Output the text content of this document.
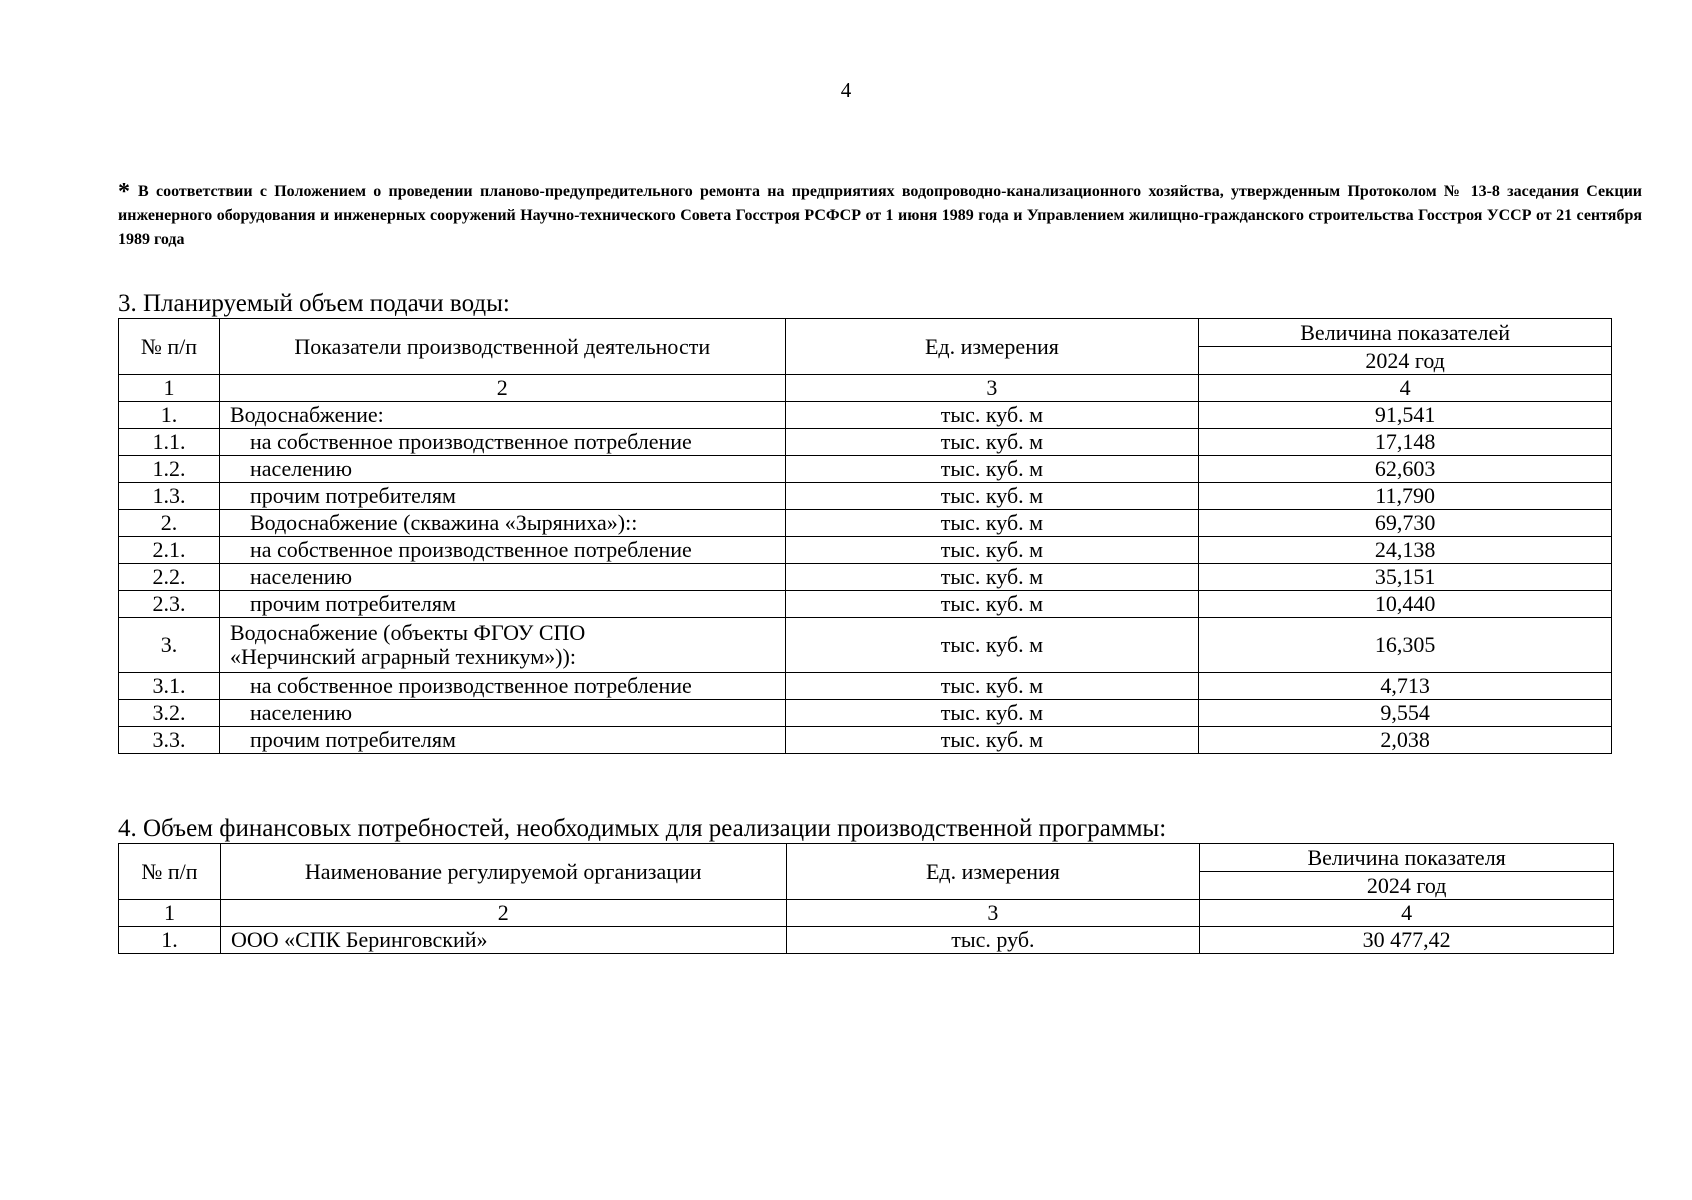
4
* В соответствии с Положением о проведении планово-предупредительного ремонта на предприятиях водопроводно-канализационного хозяйства, утвержденным Протоколом № 13-8 заседания Секции инженерного оборудования и инженерных сооружений Научно-технического Совета Госстроя РСФСР от 1 июня 1989 года и Управлением жилищно-гражданского строительства Госстроя УССР от 21 сентября 1989 года
3. Планируемый объем подачи воды:
№ п/п	Показатели производственной деятельности	Ед. измерения	Величина показателей
			2024 год
1	2	3	4
1.	Водоснабжение:	тыс. куб. м	91,541
1.1.	на собственное производственное потребление	тыс. куб. м	17,148
1.2.	населению	тыс. куб. м	62,603
1.3.	прочим потребителям	тыс. куб. м	11,790
2.	Водоснабжение (скважина «Зыряниха»)::	тыс. куб. м	69,730
2.1.	на собственное производственное потребление	тыс. куб. м	24,138
2.2.	населению	тыс. куб. м	35,151
2.3.	прочим потребителям	тыс. куб. м	10,440
3.	Водоснабжение (объекты ФГОУ СПО
«Нерчинский аграрный техникум»)):	тыс. куб. м	16,305
3.1.	на собственное производственное потребление	тыс. куб. м	4,713
3.2.	населению	тыс. куб. м	9,554
3.3.	прочим потребителям	тыс. куб. м	2,038
4. Объем финансовых потребностей, необходимых для реализации производственной программы:
№ п/п	Наименование регулируемой организации	Ед. измерения	Величина показателя
			2024 год
1	2	3	4
1.	ООО «СПК Беринговский»	тыс. руб.	30 477,42
